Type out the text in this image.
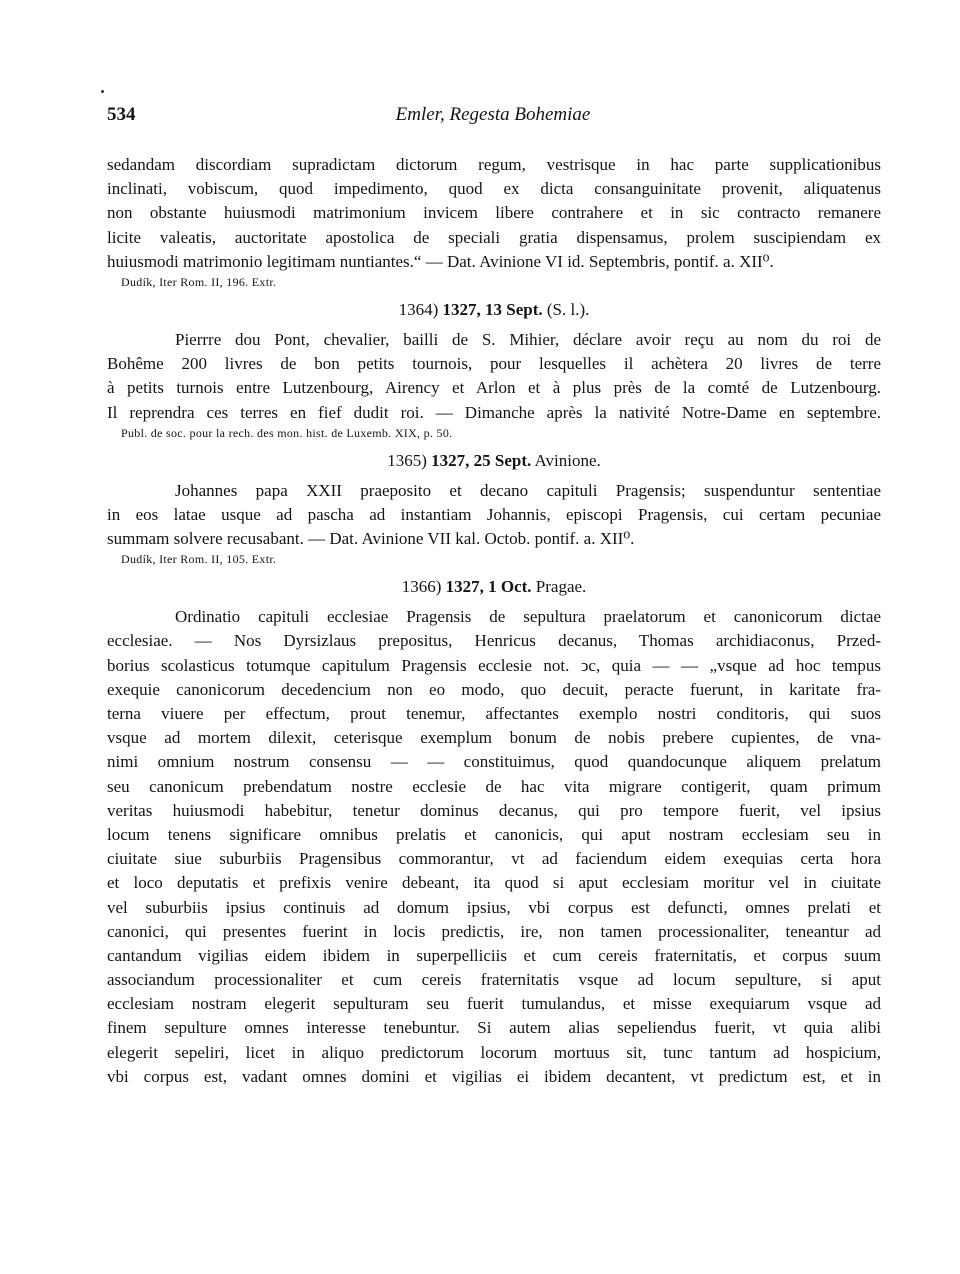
Emler, Regesta Bohemiae
534
sedandam discordiam supradictam dictorum regum, vestrisque in hac parte supplicationibus
inclinati, vobiscum, quod impedimento, quod ex dicta consanguinitate provenit, aliquatenus
non obstante huiusmodi matrimonium invicem libere contrahere et in sic contracto remanere
licite valeatis, auctoritate apostolica de speciali gratia dispensamus, prolem suscipiendam ex
huiusmodi matrimonio legitimam nuntiantes.“ — Dat. Avinione VI id. Septembris, pontif. a. XII⁰.
Dudík, Iter Rom. II, 196. Extr.
1364) 1327, 13 Sept. (S. l.).
Pierrre dou Pont, chevalier, bailli de S. Mihier, déclare avoir reçu au nom du roi de
Bohême 200 livres de bon petits tournois, pour lesquelles il achètera 20 livres de terre
à petits turnois entre Lutzenbourg, Airency et Arlon et à plus près de la comté de Lutzenbourg.
Il reprendra ces terres en fief dudit roi. — Dimanche après la nativité Notre-Dame en septembre.
Publ. de soc. pour la rech. des mon. hist. de Luxemb. XIX, p. 50.
1365) 1327, 25 Sept. Avinione.
Johannes papa XXII praeposito et decano capituli Pragensis; suspenduntur sententiae
in eos latae usque ad pascha ad instantiam Johannis, episcopi Pragensis, cui certam pecuniae
summam solvere recusabant. — Dat. Avinione VII kal. Octob. pontif. a. XII⁰.
Dudík, Iter Rom. II, 105. Extr.
1366) 1327, 1 Oct. Pragae.
Ordinatio capituli ecclesiae Pragensis de sepultura praelatorum et canonicorum dictae
ecclesiae. — Nos Dyrsizlaus prepositus, Henricus decanus, Thomas archidiaconus, Przed-
borius scolasticus totumque capitulum Pragensis ecclesie not. ↄc, quia — — „vsque ad hoc tempus
exequie canonicorum decedencium non eo modo, quo decuit, peracte fuerunt, in karitate fra-
terna viuere per effectum, prout tenemur, affectantes exemplo nostri conditoris, qui suos
vsque ad mortem dilexit, ceterisque exemplum bonum de nobis prebere cupientes, de vna-
nimi omnium nostrum consensu — — constituimus, quod quandocunque aliquem prelatum
seu canonicum prebendatum nostre ecclesie de hac vita migrare contigerit, quam primum
veritas huiusmodi habebitur, tenetur dominus decanus, qui pro tempore fuerit, vel ipsius
locum tenens significare omnibus prelatis et canonicis, qui aput nostram ecclesiam seu in
ciuitate siue suburbiis Pragensibus commorantur, vt ad faciendum eidem exequias certa hora
et loco deputatis et prefixis venire debeant, ita quod si aput ecclesiam moritur vel in ciuitate
vel suburbiis ipsius continuis ad domum ipsius, vbi corpus est defuncti, omnes prelati et
canonici, qui presentes fuerint in locis predictis, ire, non tamen processionaliter, teneantur ad
cantandum vigilias eidem ibidem in superpelliciis et cum cereis fraternitatis, et corpus suum
associandum processionaliter et cum cereis fraternitatis vsque ad locum sepulture, si aput
ecclesiam nostram elegerit sepulturam seu fuerit tumulandus, et misse exequiarum vsque ad
finem sepulture omnes interesse tenebuntur. Si autem alias sepeliendus fuerit, vt quia alibi
elegerit sepeliri, licet in aliquo predictorum locorum mortuus sit, tunc tantum ad hospicium,
vbi corpus est, vadant omnes domini et vigilias ei ibidem decantent, vt predictum est, et in
